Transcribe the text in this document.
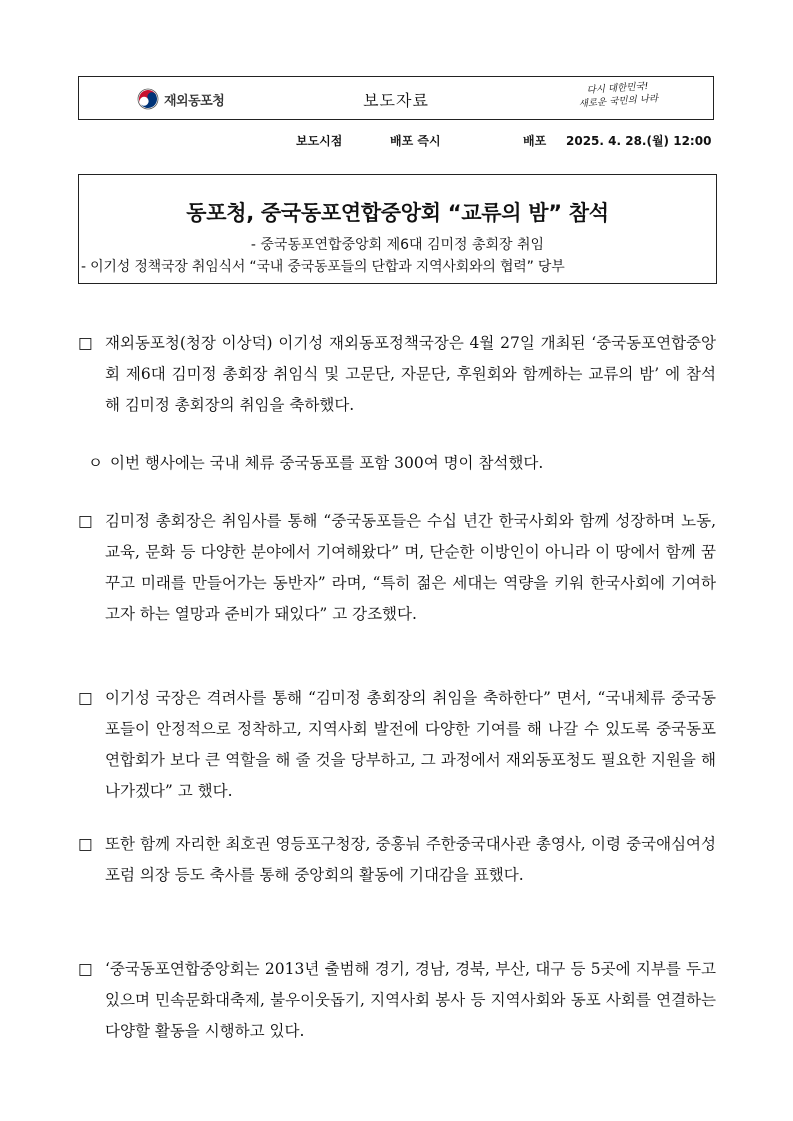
재외동포청	보도자료
다시 대한민국!
새로운 국민의 나라
보도시점	배포 즉시	배포 2025. 4. 28.(월) 12:00
동포청, 중국동포연합중앙회 “교류의 밤” 참석
- 중국동포연합중앙회 제6대 김미정 총회장 취임
- 이기성 정책국장 취임식서 “국내 중국동포들의 단합과 지역사회와의 협력” 당부
□ 재외동포청(청장 이상덕) 이기성 재외동포정책국장은 4월 27일 개최된 ‘중국동포연합중앙회 제6대 김미정 총회장 취임식 및 고문단, 자문단, 후원회와 함께하는 교류의 밤’ 에 참석해 김미정 총회장의 취임을 축하했다.
ㅇ 이번 행사에는 국내 체류 중국동포를 포함 300여 명이 참석했다.
□ 김미정 총회장은 취임사를 통해 “중국동포들은 수십 년간 한국사회와 함께 성장하며 노동, 교육, 문화 등 다양한 분야에서 기여해왔다” 며, 단순한 이방인이 아니라 이 땅에서 함께 꿈꾸고 미래를 만들어가는 동반자” 라며, “특히 젊은 세대는 역량을 키워 한국사회에 기여하고자 하는 열망과 준비가 돼있다” 고 강조했다.
□ 이기성 국장은 격려사를 통해 “김미정 총회장의 취임을 축하한다” 면서, “국내체류 중국동포들이 안정적으로 정착하고, 지역사회 발전에 다양한 기여를 해 나갈 수 있도록 중국동포연합회가 보다 큰 역할을 해 줄 것을 당부하고, 그 과정에서 재외동포청도 필요한 지원을 해 나가겠다” 고 했다.
□ 또한 함께 자리한 최호권 영등포구청장, 중홍눠 주한중국대사관 총영사, 이령 중국애심여성포럼 의장 등도 축사를 통해 중앙회의 활동에 기대감을 표했다.
□ ‘중국동포연합중앙회는 2013년 출범해 경기, 경남, 경북, 부산, 대구 등 5곳에 지부를 두고 있으며 민속문화대축제, 불우이웃돕기, 지역사회 봉사 등 지역사회와 동포 사회를 연결하는 다양할 활동을 시행하고 있다.
